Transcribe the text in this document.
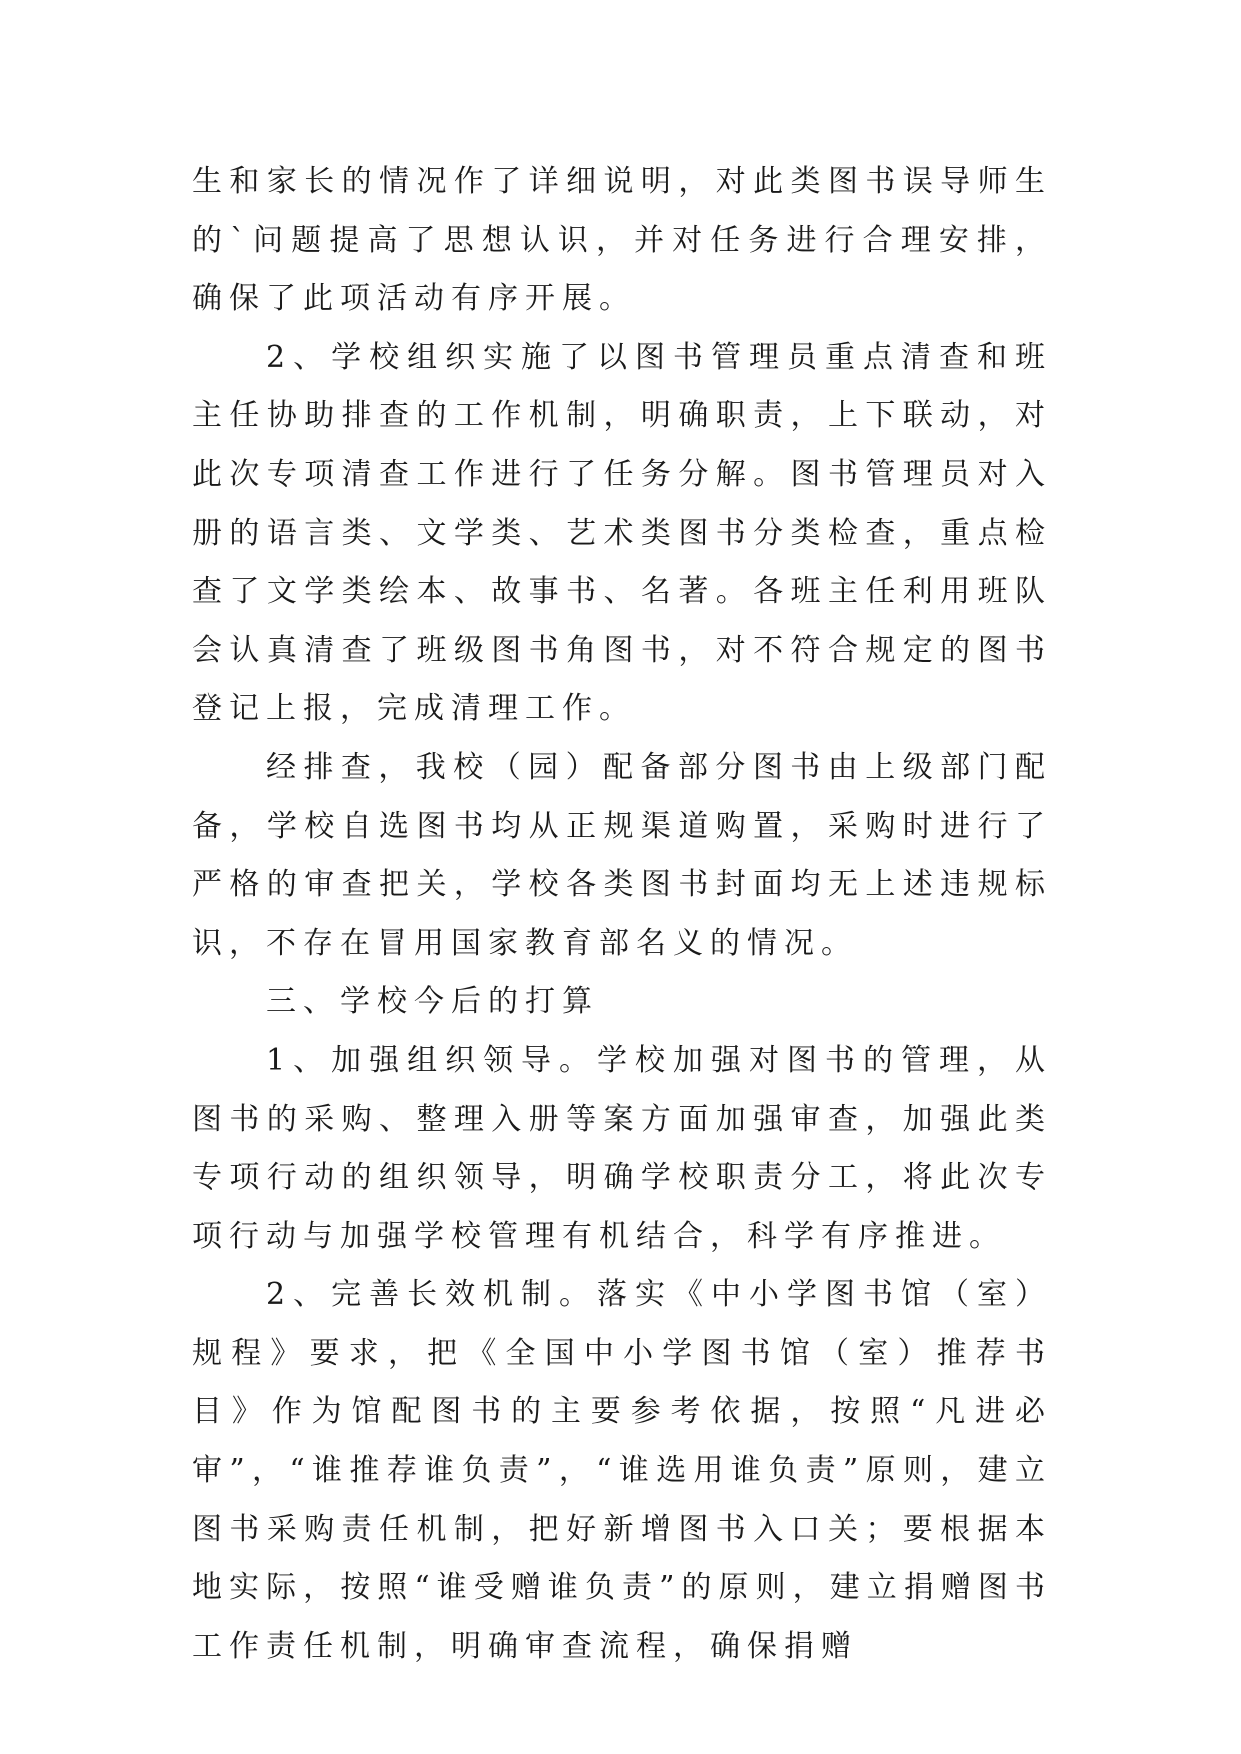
生和家长的情况作了详细说明，对此类图书误导师生的`问题提高了思想认识，并对任务进行合理安排，确保了此项活动有序开展。

2、学校组织实施了以图书管理员重点清查和班主任协助排查的工作机制，明确职责，上下联动，对此次专项清查工作进行了任务分解。图书管理员对入册的语言类、文学类、艺术类图书分类检查，重点检查了文学类绘本、故事书、名著。各班主任利用班队会认真清查了班级图书角图书，对不符合规定的图书登记上报，完成清理工作。

经排查，我校（园）配备部分图书由上级部门配备，学校自选图书均从正规渠道购置，采购时进行了严格的审查把关，学校各类图书封面均无上述违规标识，不存在冒用国家教育部名义的情况。

三、学校今后的打算

1、加强组织领导。学校加强对图书的管理，从图书的采购、整理入册等案方面加强审查，加强此类专项行动的组织领导，明确学校职责分工，将此次专项行动与加强学校管理有机结合，科学有序推进。

2、完善长效机制。落实《中小学图书馆（室）规程》要求，把《全国中小学图书馆（室）推荐书目》作为馆配图书的主要参考依据，按照“凡进必审”，“谁推荐谁负责”，“谁选用谁负责”原则，建立图书采购责任机制，把好新增图书入口关；要根据本地实际，按照“谁受赠谁负责”的原则，建立捐赠图书工作责任机制，明确审查流程，确保捐赠
